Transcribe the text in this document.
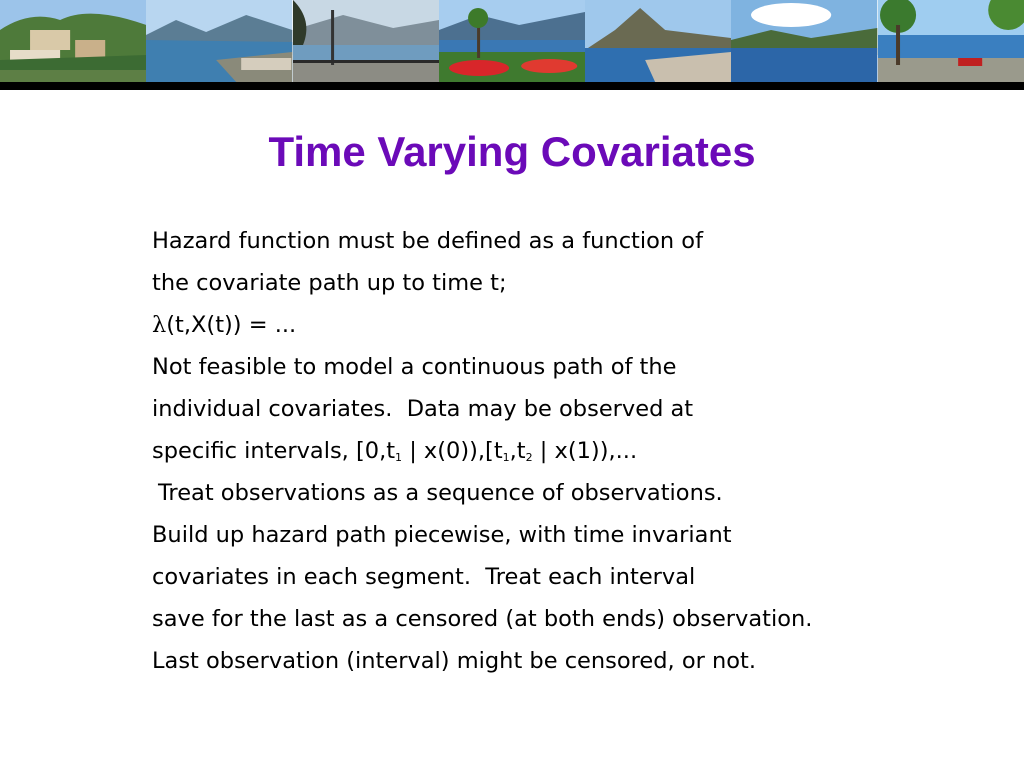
Time Varying Covariates
Hazard function must be defined as a function of
the covariate path up to time t;
λ(t,X(t)) = ...
Not feasible to model a continuous path of the
individual covariates.  Data may be observed at
specific intervals, [$0,t_1$ | $x(0)),[t_1,t_2$ | x(1)),...
Treat observations as a sequence of observations.
Build up hazard path piecewise, with time invariant
covariates in each segment.  Treat each interval
save for the last as a censored (at both ends) observation.
Last observation (interval) might be censored, or not.
